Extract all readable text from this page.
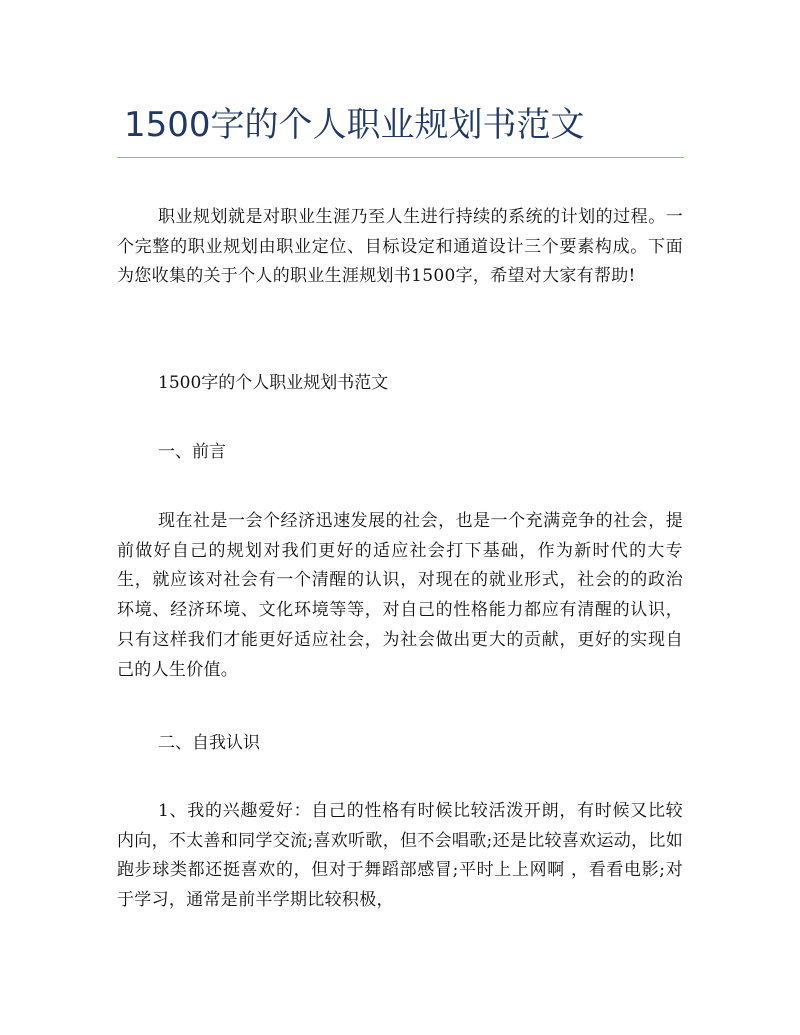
1500字的个人职业规划书范文

职业规划就是对职业生涯乃至人生进行持续的系统的计划的过程。一个完整的职业规划由职业定位、目标设定和通道设计三个要素构成。下面为您收集的关于个人的职业生涯规划书1500字，希望对大家有帮助!

1500字的个人职业规划书范文

一、前言

现在社是一会个经济迅速发展的社会，也是一个充满竞争的社会，提前做好自己的规划对我们更好的适应社会打下基础，作为新时代的大专生，就应该对社会有一个清醒的认识，对现在的就业形式，社会的的政治环境、经济环境、文化环境等等，对自己的性格能力都应有清醒的认识，只有这样我们才能更好适应社会，为社会做出更大的贡献，更好的实现自己的人生价值。

二、自我认识

1、我的兴趣爱好：自己的性格有时候比较活泼开朗，有时候又比较内向，不太善和同学交流;喜欢听歌，但不会唱歌;还是比较喜欢运动，比如跑步球类都还挺喜欢的，但对于舞蹈部感冒;平时上上网啊 ，看看电影;对于学习，通常是前半学期比较积极，
